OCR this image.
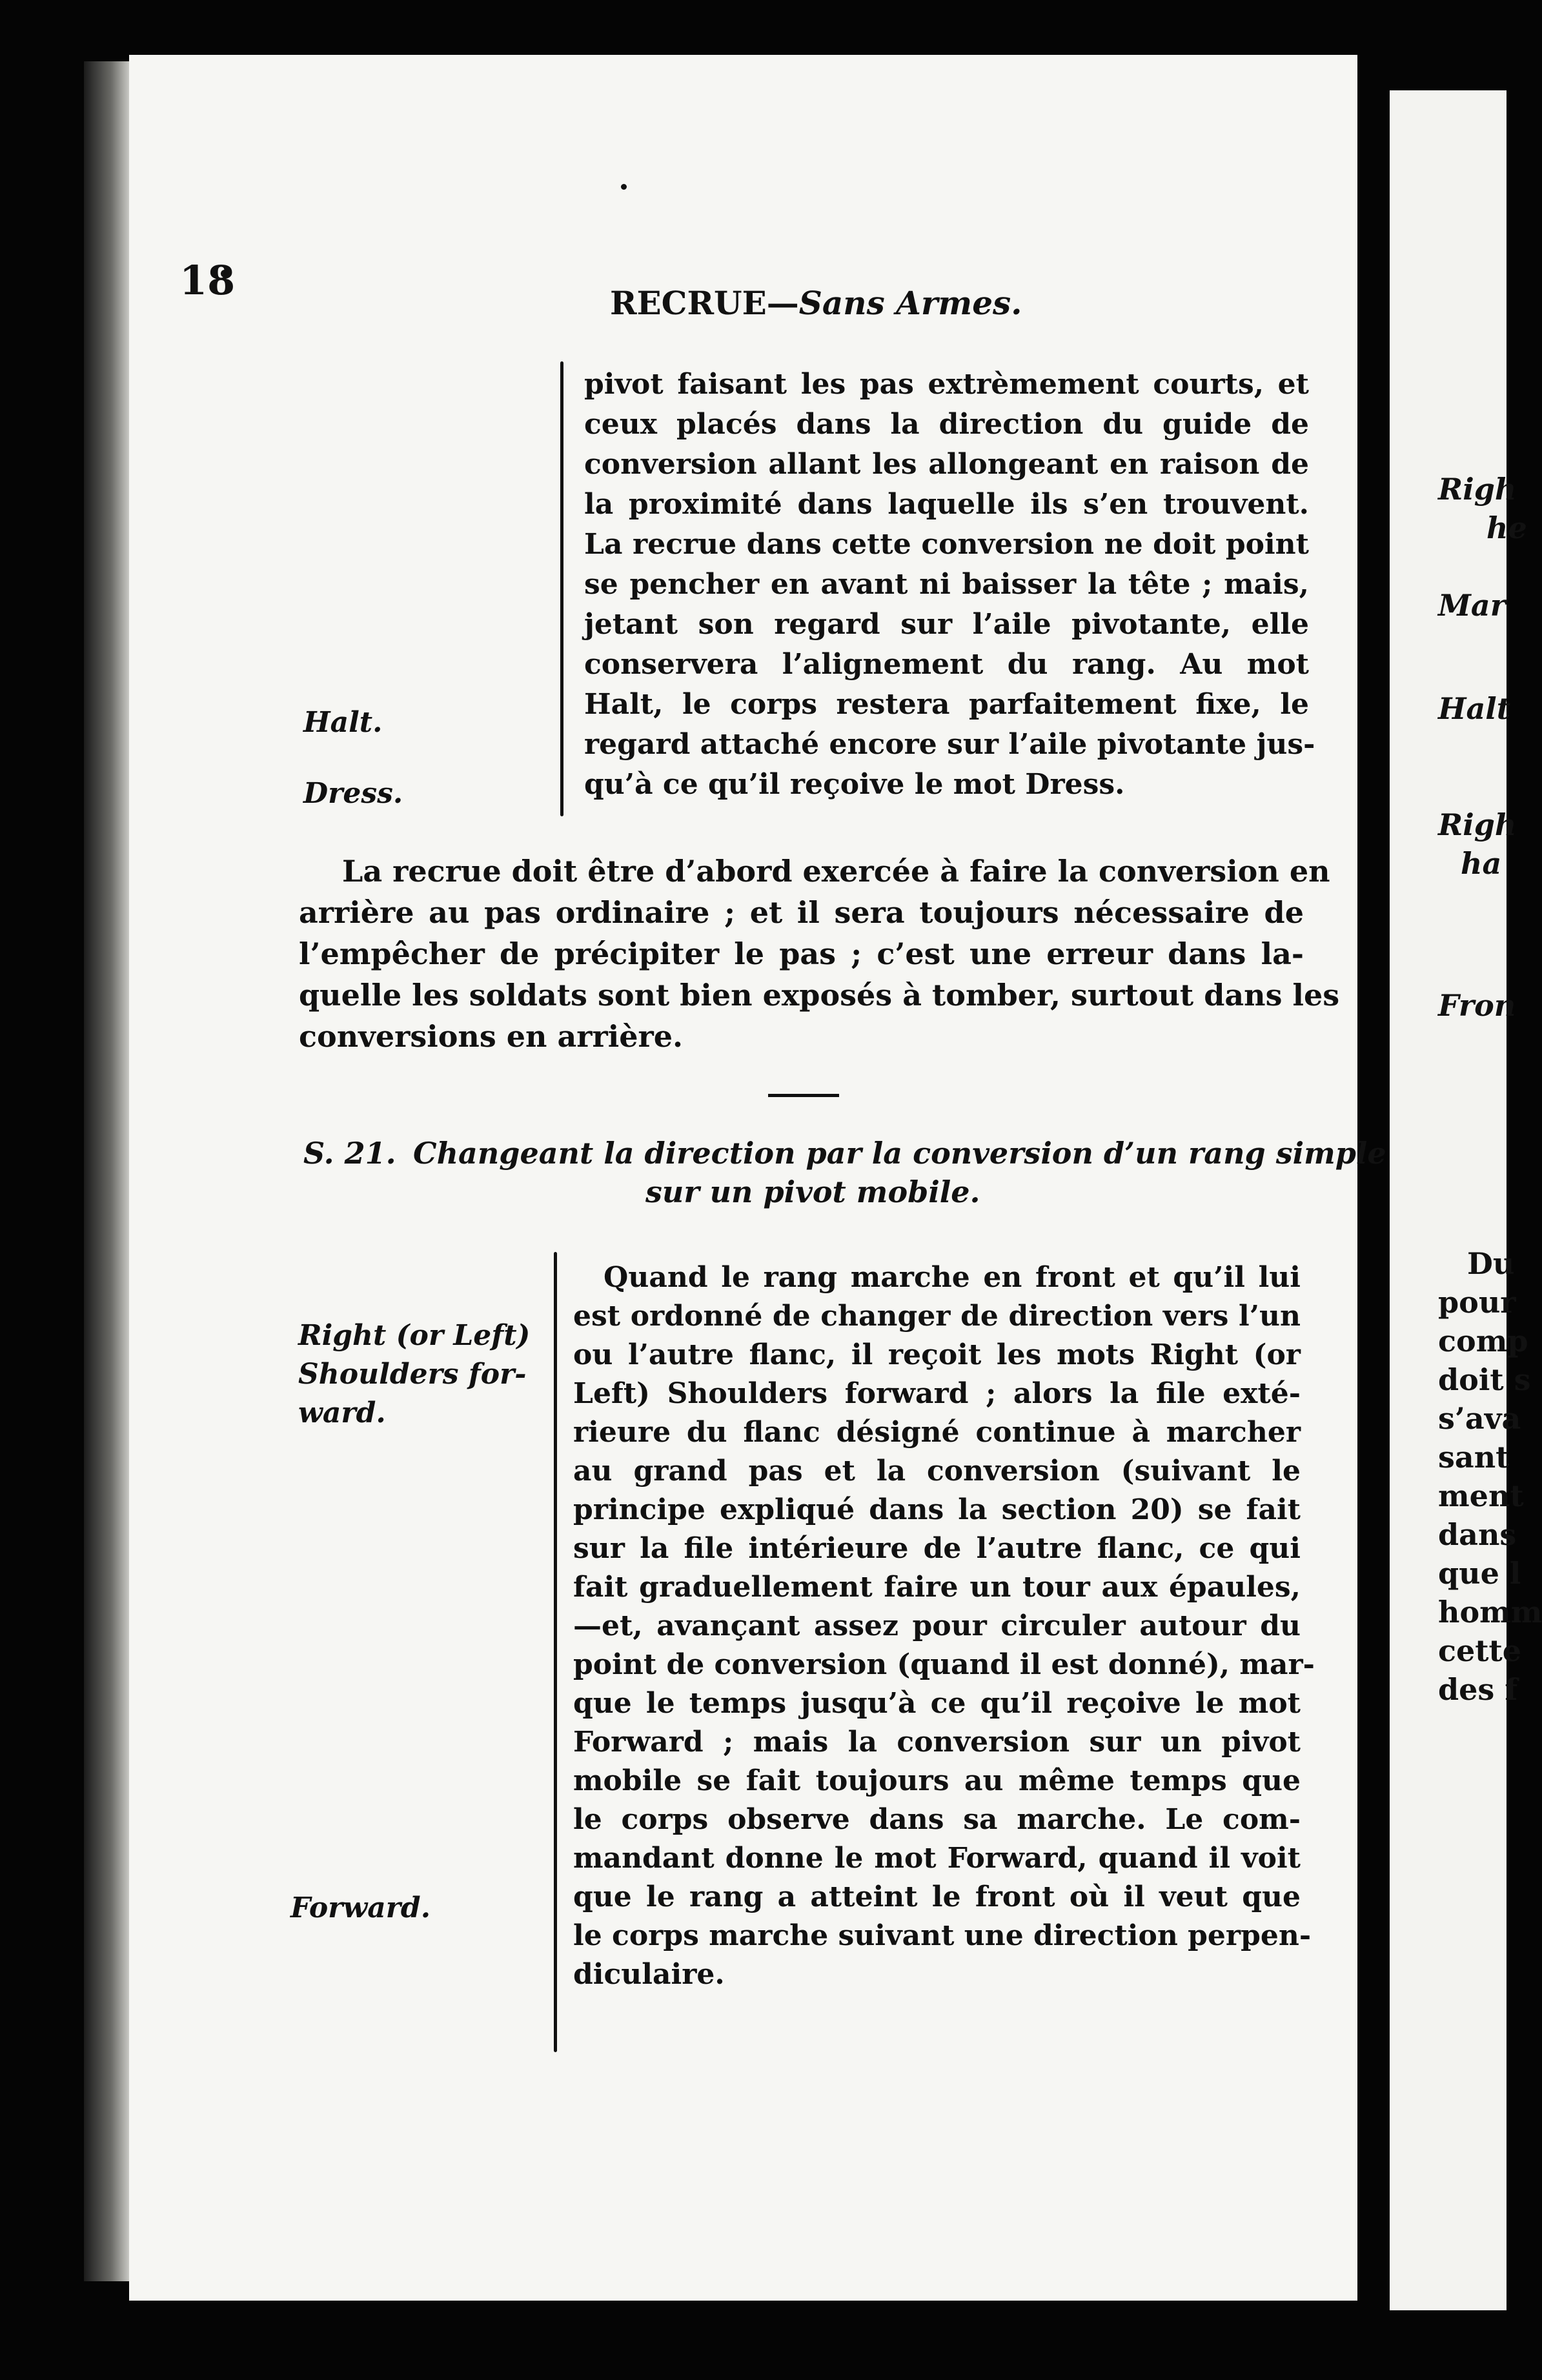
Righ
he
Mar
Halt
Righ
ha
Fron
Du
pour
comp
doit s
s’ava
sant
ment
dans
que l
homm
cette
des f
18	RECRUE—Sans Armes.
Halt.
Dress.
pivot faisant les pas extrèmement courts, et
ceux placés dans la direction du guide de
conversion allant les allongeant en raison de
la proximité dans laquelle ils s’en trouvent.
La recrue dans cette conversion ne doit point
se pencher en avant ni baisser la tête ; mais,
jetant son regard sur l’aile pivotante, elle
conservera l’alignement du rang. Au mot
Halt, le corps restera parfaitement fixe, le
regard attaché encore sur l’aile pivotante jus-
qu’à ce qu’il reçoive le mot Dress.
La recrue doit être d’abord exercée à faire la conversion en
arrière au pas ordinaire ; et il sera toujours nécessaire de
l’empêcher de précipiter le pas ; c’est une erreur dans la-
quelle les soldats sont bien exposés à tomber, surtout dans les
conversions en arrière.
S. 21. Changeant la direction par la conversion d’un rang simple
sur un pivot mobile.
Right (or Left)
Shoulders for-
ward.
Forward.
Quand le rang marche en front et qu’il lui
est ordonné de changer de direction vers l’un
ou l’autre flanc, il reçoit les mots Right (or
Left) Shoulders forward ; alors la file exté-
rieure du flanc désigné continue à marcher
au grand pas et la conversion (suivant le
principe expliqué dans la section 20) se fait
sur la file intérieure de l’autre flanc, ce qui
fait graduellement faire un tour aux épaules,
—et, avançant assez pour circuler autour du
point de conversion (quand il est donné), mar-
que le temps jusqu’à ce qu’il reçoive le mot
Forward ; mais la conversion sur un pivot
mobile se fait toujours au même temps que
le corps observe dans sa marche. Le com-
mandant donne le mot Forward, quand il voit
que le rang a atteint le front où il veut que
le corps marche suivant une direction perpen-
diculaire.
